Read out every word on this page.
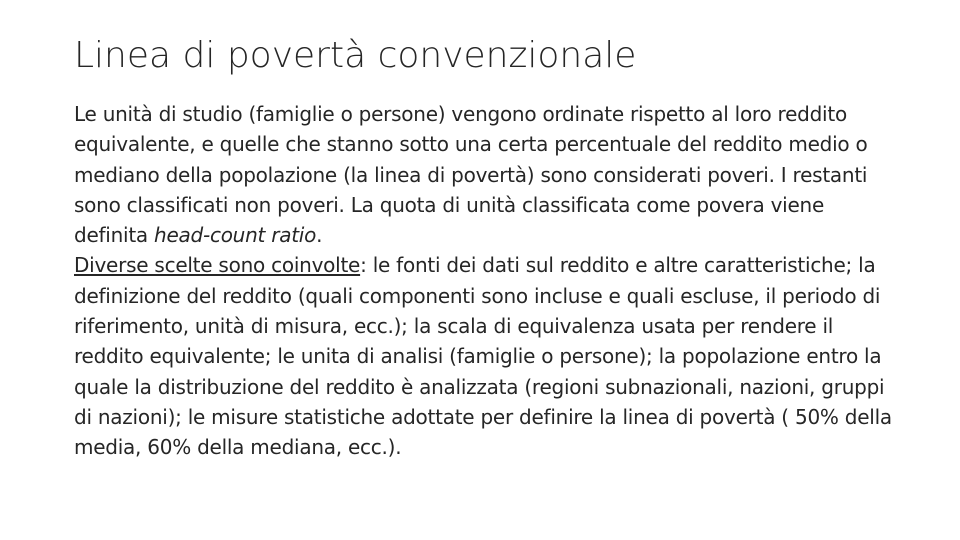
Linea di povertà convenzionale

Le unità di studio (famiglie o persone) vengono ordinate rispetto al loro reddito equivalente, e quelle che stanno sotto una certa percentuale del reddito medio o mediano della popolazione (la linea di povertà) sono considerati poveri. I restanti sono classificati non poveri. La quota di unità classificata come povera viene definita head-count ratio.

Diverse scelte sono coinvolte: le fonti dei dati sul reddito e altre caratteristiche; la definizione del reddito (quali componenti sono incluse e quali escluse, il periodo di riferimento, unità di misura, ecc.); la scala di equivalenza usata per rendere il reddito equivalente; le unita di analisi (famiglie o persone); la popolazione entro la quale la distribuzione del reddito è analizzata (regioni subnazionali, nazioni, gruppi di nazioni); le misure statistiche adottate per definire la linea di povertà ( 50% della media, 60% della mediana, ecc.).
